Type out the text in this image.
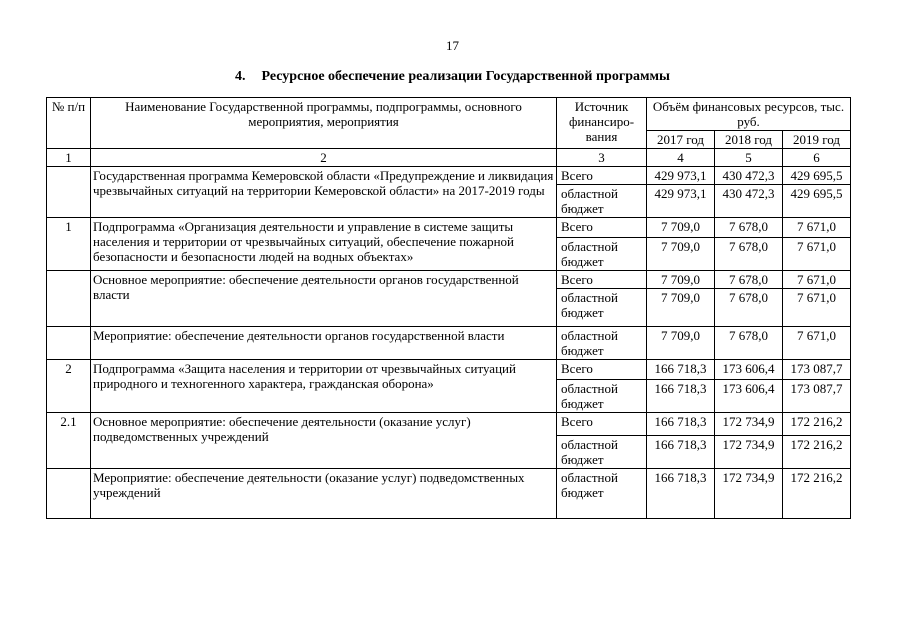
17
4. Ресурсное обеспечение реализации Государственной программы
№ п/п	Наименование Государственной программы, подпрограммы, основного мероприятия, мероприятия	Источник финансиро-вания	Объём финансовых ресурсов, тыс. руб.		
			2017 год	2018 год	2019 год
1	2	3	4	5	6
	Государственная программа Кемеровской области «Предупреждение и ликвидация чрезвычайных ситуаций на территории Кемеровской области» на 2017-2019 годы	Всего	429 973,1	430 472,3	429 695,5
		областной бюджет	429 973,1	430 472,3	429 695,5
1	Подпрограмма «Организация деятельности и управление в системе защиты населения и территории от чрезвычайных ситуаций, обеспечение пожарной безопасности и безопасности людей на водных объектах»	Всего	7 709,0	7 678,0	7 671,0
		областной бюджет	7 709,0	7 678,0	7 671,0
	Основное мероприятие: обеспечение деятельности органов государственной власти	Всего	7 709,0	7 678,0	7 671,0
		областной бюджет	7 709,0	7 678,0	7 671,0
	Мероприятие: обеспечение деятельности органов государственной власти	областной бюджет	7 709,0	7 678,0	7 671,0
2	Подпрограмма «Защита населения и территории от чрезвычайных ситуаций природного и техногенного характера, гражданская оборона»	Всего	166 718,3	173 606,4	173 087,7
		областной бюджет	166 718,3	173 606,4	173 087,7
2.1	Основное мероприятие: обеспечение деятельности (оказание услуг) подведомственных учреждений	Всего	166 718,3	172 734,9	172 216,2
		областной бюджет	166 718,3	172 734,9	172 216,2
	Мероприятие: обеспечение деятельности (оказание услуг) подведомственных учреждений	областной бюджет	166 718,3	172 734,9	172 216,2
